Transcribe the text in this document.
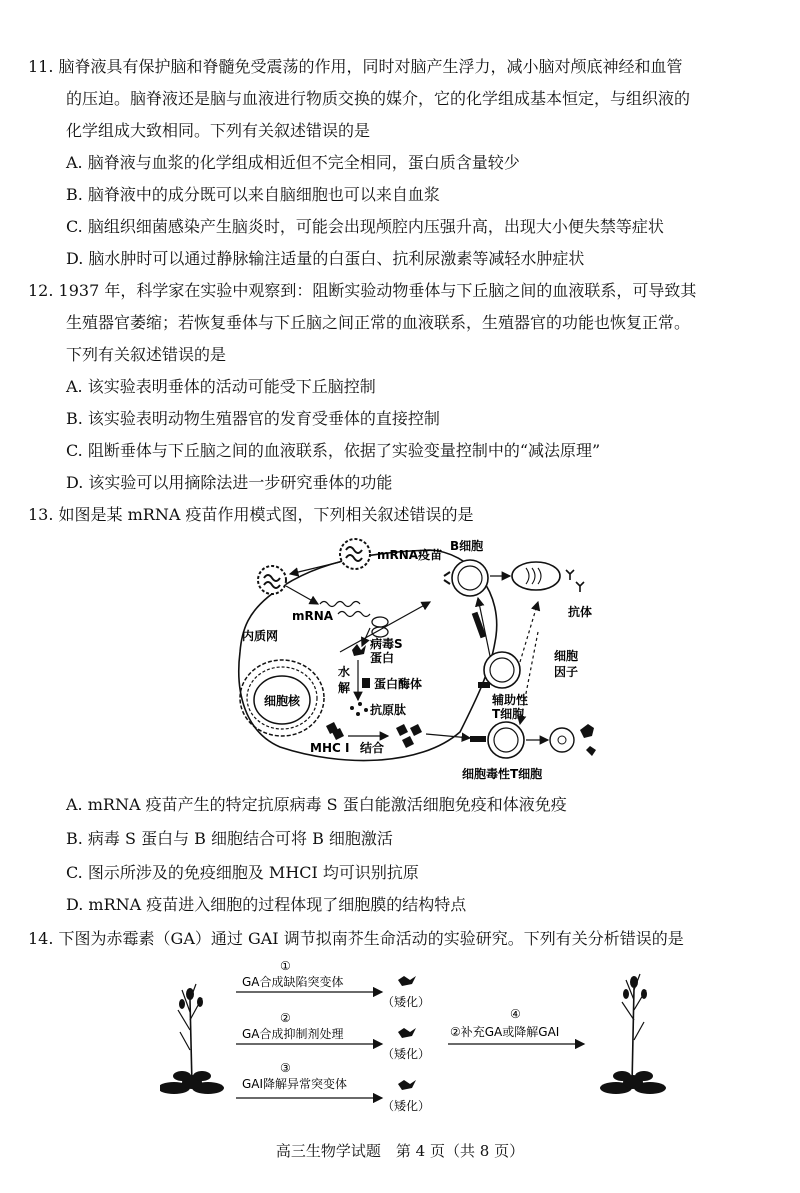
11. 脑脊液具有保护脑和脊髓免受震荡的作用，同时对脑产生浮力，减小脑对颅底神经和血管
的压迫。脑脊液还是脑与血液进行物质交换的媒介，它的化学组成基本恒定，与组织液的
化学组成大致相同。下列有关叙述错误的是
A. 脑脊液与血浆的化学组成相近但不完全相同，蛋白质含量较少
B. 脑脊液中的成分既可以来自脑细胞也可以来自血浆
C. 脑组织细菌感染产生脑炎时，可能会出现颅腔内压强升高，出现大小便失禁等症状
D. 脑水肿时可以通过静脉输注适量的白蛋白、抗利尿激素等减轻水肿症状
12. 1937 年，科学家在实验中观察到：阻断实验动物垂体与下丘脑之间的血液联系，可导致其
生殖器官萎缩；若恢复垂体与下丘脑之间正常的血液联系，生殖器官的功能也恢复正常。
下列有关叙述错误的是
A. 该实验表明垂体的活动可能受下丘脑控制
B. 该实验表明动物生殖器官的发育受垂体的直接控制
C. 阻断垂体与下丘脑之间的血液联系，依据了实验变量控制中的“减法原理”
D. 该实验可以用摘除法进一步研究垂体的功能
13. 如图是某 mRNA 疫苗作用模式图，下列相关叙述错误的是
mRNA疫苗
mRNA
病毒S
蛋白
水
解 蛋白酶体
抗原肽
内质网
细胞核
MHC Ⅰ 结合
B细胞
抗体
辅助性
T细胞
细胞
因子
细胞毒性T细胞
A. mRNA 疫苗产生的特定抗原病毒 S 蛋白能激活细胞免疫和体液免疫
B. 病毒 S 蛋白与 B 细胞结合可将 B 细胞激活
C. 图示所涉及的免疫细胞及 MHCI 均可识别抗原
D. mRNA 疫苗进入细胞的过程体现了细胞膜的结构特点
14. 下图为赤霉素（GA）通过 GAI 调节拟南芥生命活动的实验研究。下列有关分析错误的是
①
GA合成缺陷突变体
②
GA合成抑制剂处理
③
GAI降解异常突变体
（矮化）
（矮化）
（矮化）
④
②补充GA或降解GAI
高三生物学试题　第 4 页（共 8 页）
